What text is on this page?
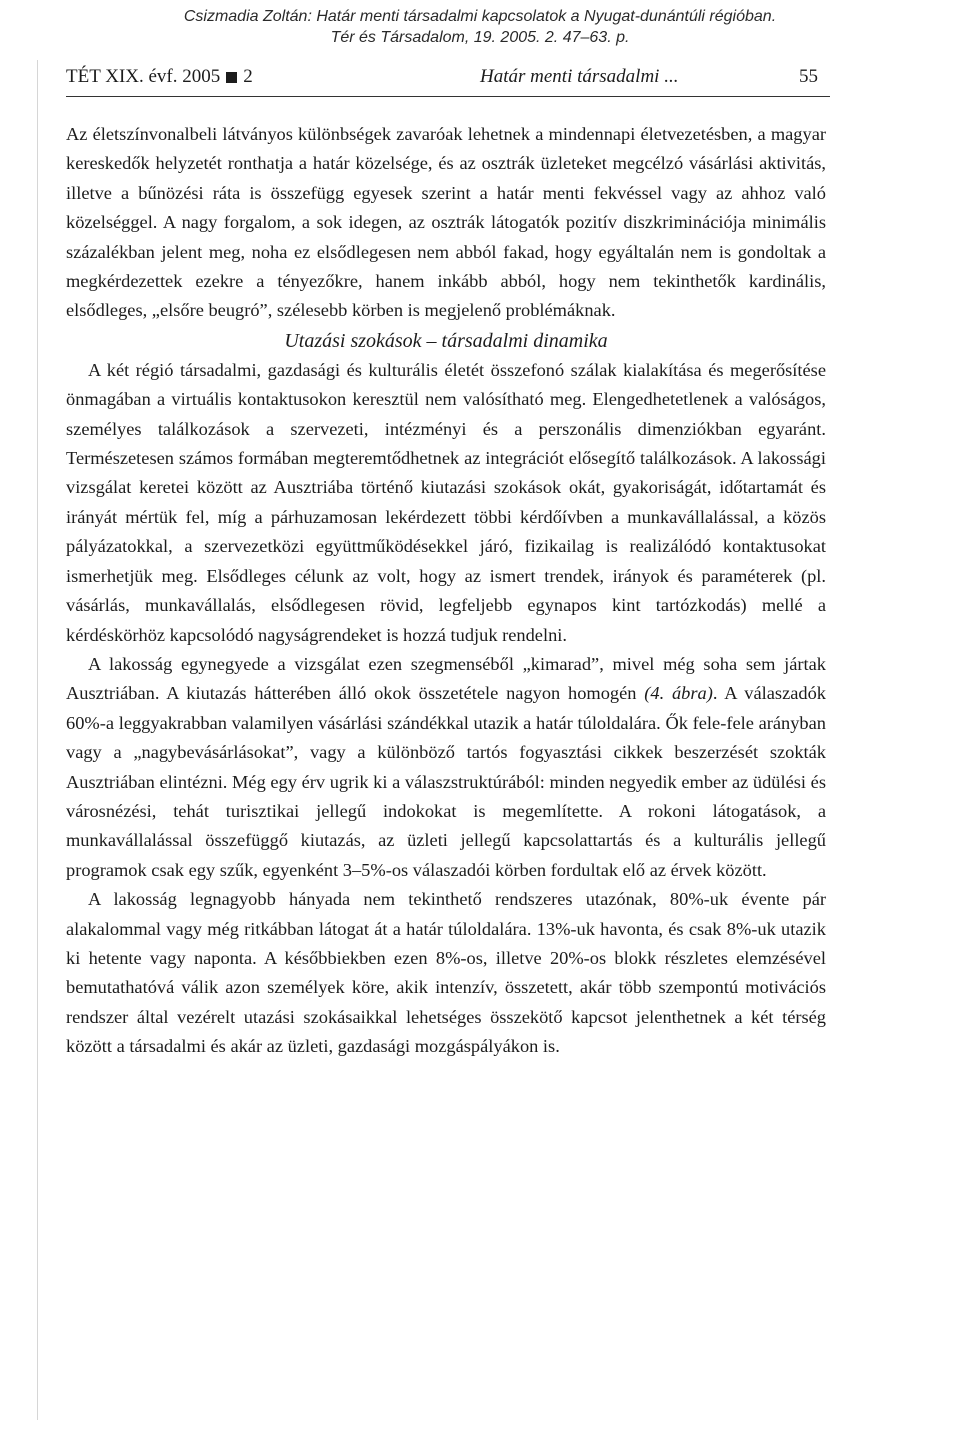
Csizmadia Zoltán: Határ menti társadalmi kapcsolatok a Nyugat-dunántúli régióban.
Tér és Társadalom, 19. 2005. 2. 47–63. p.
TÉT XIX. évf. 2005 2	Határ menti társadalmi ...	55

Az életszínvonalbeli látványos különbségek zavaróak lehetnek a mindennapi életvezetésben, a magyar kereskedők helyzetét ronthatja a határ közelsége, és az osztrák üzleteket megcélzó vásárlási aktivitás, illetve a bűnözési ráta is összefügg egyesek szerint a határ menti fekvéssel vagy az ahhoz való közelséggel. A nagy forgalom, a sok idegen, az osztrák látogatók pozitív diszkriminációja minimális százalékban jelent meg, noha ez elsődlegesen nem abból fakad, hogy egyáltalán nem is gondoltak a megkérdezettek ezekre a tényezőkre, hanem inkább abból, hogy nem tekinthetők kardinális, elsődleges, „elsőre beugró”, szélesebb körben is megjelenő problémáknak.

Utazási szokások – társadalmi dinamika

A két régió társadalmi, gazdasági és kulturális életét összefonó szálak kialakítása és megerősítése önmagában a virtuális kontaktusokon keresztül nem valósítható meg. Elengedhetetlenek a valóságos, személyes találkozások a szervezeti, intézményi és a perszonális dimenziókban egyaránt. Természetesen számos formában megteremtődhetnek az integrációt elősegítő találkozások. A lakossági vizsgálat keretei között az Ausztriába történő kiutazási szokások okát, gyakoriságát, időtartamát és irányát mértük fel, míg a párhuzamosan lekérdezett többi kérdőívben a munkavállalással, a közös pályázatokkal, a szervezetközi együttműködésekkel járó, fizikailag is realizálódó kontaktusokat ismerhetjük meg. Elsődleges célunk az volt, hogy az ismert trendek, irányok és paraméterek (pl. vásárlás, munkavállalás, elsődlegesen rövid, legfeljebb egynapos kint tartózkodás) mellé a kérdéskörhöz kapcsolódó nagyságrendeket is hozzá tudjuk rendelni.

A lakosság egynegyede a vizsgálat ezen szegmenséből „kimarad”, mivel még soha sem jártak Ausztriában. A kiutazás hátterében álló okok összetétele nagyon homogén (4. ábra). A válaszadók 60%-a leggyakrabban valamilyen vásárlási szándékkal utazik a határ túloldalára. Ők fele-fele arányban vagy a „nagybevásárlásokat”, vagy a különböző tartós fogyasztási cikkek beszerzését szokták Ausztriában elintézni. Még egy érv ugrik ki a válaszstruktúrából: minden negyedik ember az üdülési és városnézési, tehát turisztikai jellegű indokokat is megemlítette. A rokoni látogatások, a munkavállalással összefüggő kiutazás, az üzleti jellegű kapcsolattartás és a kulturális jellegű programok csak egy szűk, egyenként 3–5%-os válaszadói körben fordultak elő az érvek között.

A lakosság legnagyobb hányada nem tekinthető rendszeres utazónak, 80%-uk évente pár alakalommal vagy még ritkábban látogat át a határ túloldalára. 13%-uk havonta, és csak 8%-uk utazik ki hetente vagy naponta. A későbbiekben ezen 8%-os, illetve 20%-os blokk részletes elemzésével bemutathatóvá válik azon személyek köre, akik intenzív, összetett, akár több szempontú motivációs rendszer által vezérelt utazási szokásaikkal lehetséges összekötő kapcsot jelenthetnek a két térség között a társadalmi és akár az üzleti, gazdasági mozgáspályákon is.
